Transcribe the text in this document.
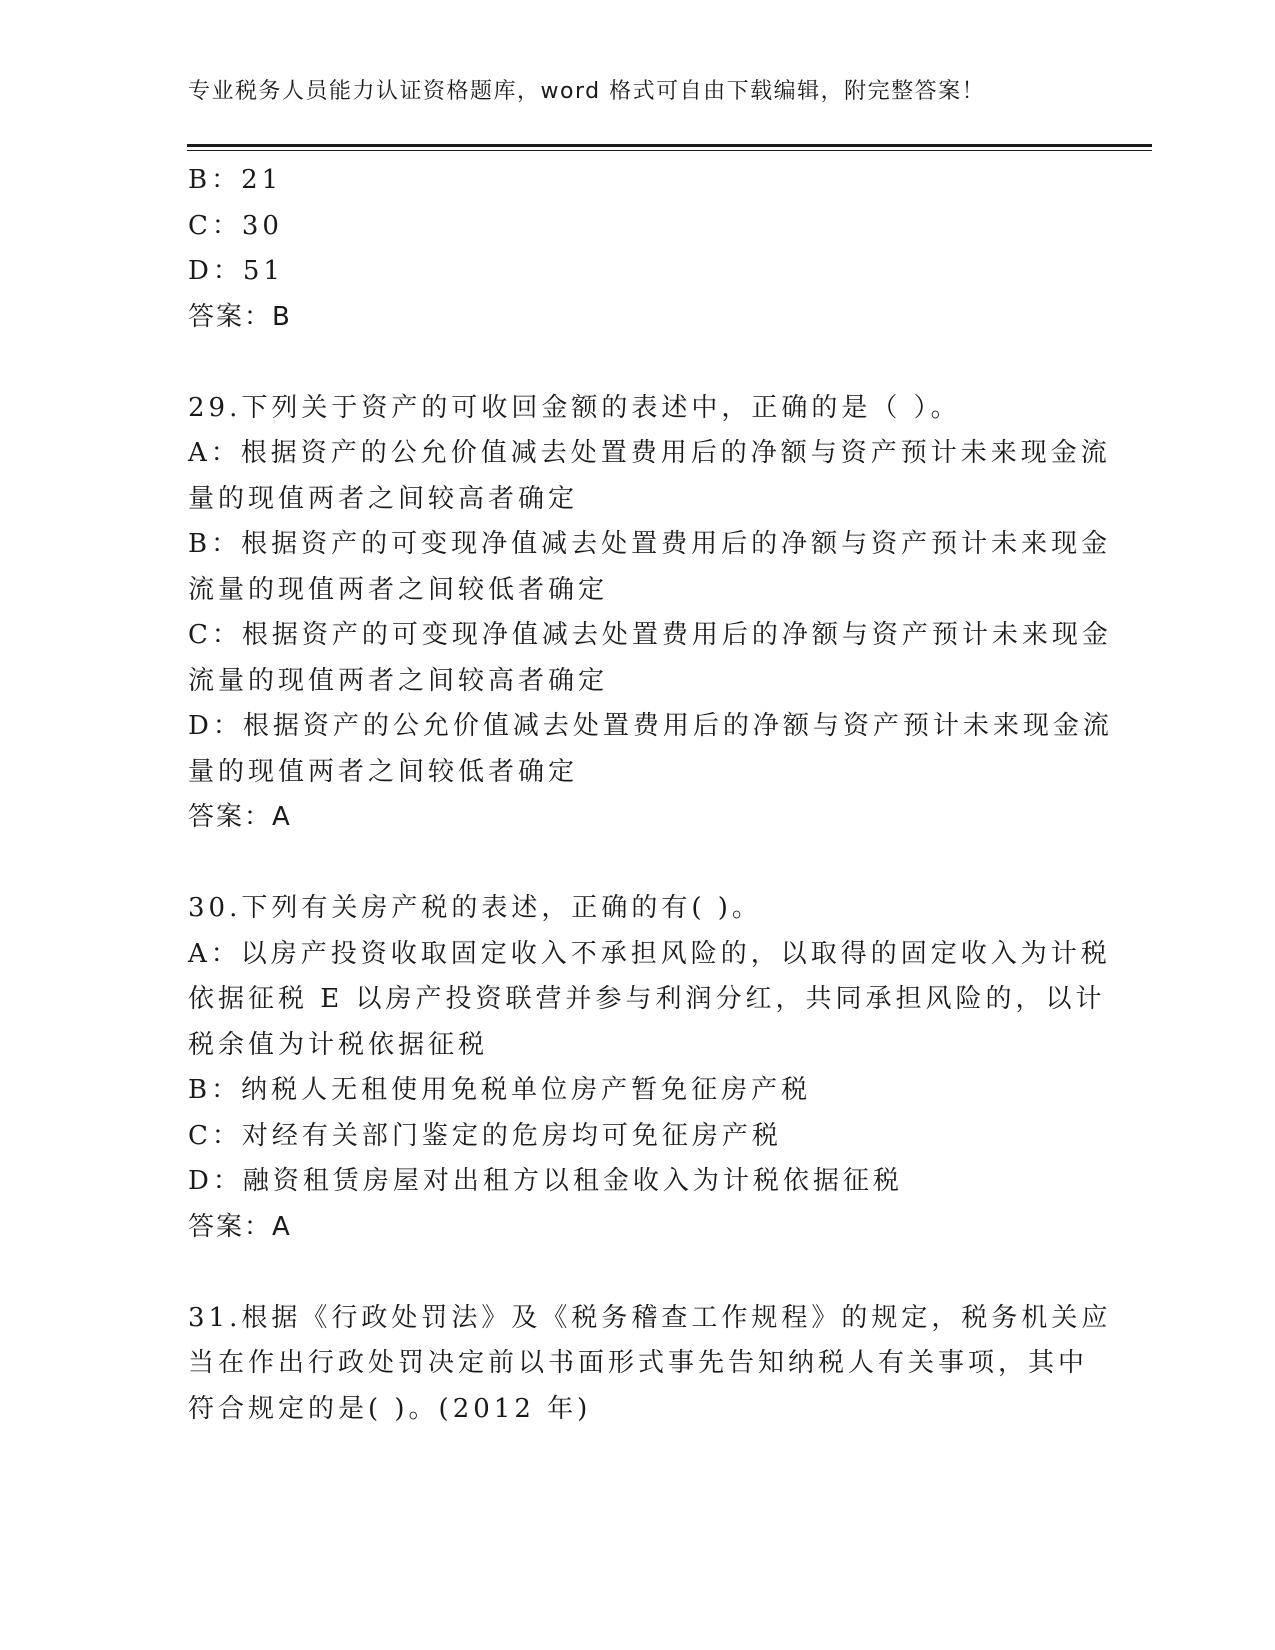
专业税务人员能力认证资格题库，word 格式可自由下载编辑，附完整答案！
B：21
C：30
D：51
答案：B
29.下列关于资产的可收回金额的表述中，正确的是（ ）。
A：根据资产的公允价值减去处置费用后的净额与资产预计未来现金流
量的现值两者之间较高者确定
B：根据资产的可变现净值减去处置费用后的净额与资产预计未来现金
流量的现值两者之间较低者确定
C：根据资产的可变现净值减去处置费用后的净额与资产预计未来现金
流量的现值两者之间较高者确定
D：根据资产的公允价值减去处置费用后的净额与资产预计未来现金流
量的现值两者之间较低者确定
答案：A
30.下列有关房产税的表述，正确的有( )。
A：以房产投资收取固定收入不承担风险的，以取得的固定收入为计税
依据征税 E 以房产投资联营并参与利润分红，共同承担风险的，以计
税余值为计税依据征税
B：纳税人无租使用免税单位房产暂免征房产税
C：对经有关部门鉴定的危房均可免征房产税
D：融资租赁房屋对出租方以租金收入为计税依据征税
答案：A
31.根据《行政处罚法》及《税务稽查工作规程》的规定，税务机关应
当在作出行政处罚决定前以书面形式事先告知纳税人有关事项，其中
符合规定的是( )。(2012 年)
